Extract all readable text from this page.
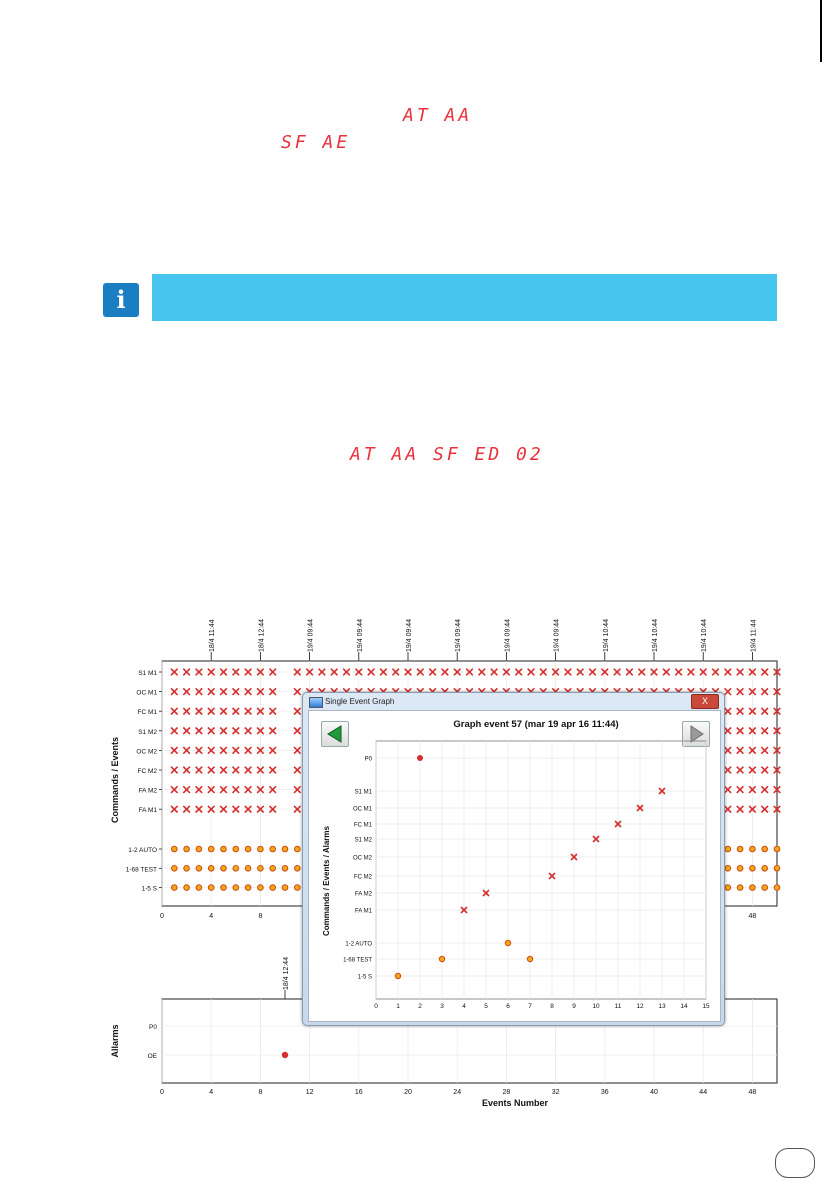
AT AA
SF AE
AT AA SF ED 02
i
18/4 11:44	18/4 12:44	19/4 09:44	19/4 09:44	19/4 09:44	19/4 09:44	19/4 09:44	19/4 09:44	19/4 10:44	19/4 10:44	19/4 10:44	19/4 11:44
0	4	8	48
S1 M1
OC M1
FC M1
S1 M2
OC M2
FC M2
FA M2
FA M1
1-2 AUTO
1-68 TEST
1-5 S
Commands / Events
0	4	8	12	16	20	24	28	32	36	40	44	48
P0
OE
18/4 12:44
Allarms
Events Number
Single Event Graph	X
Graph event 57 (mar 19 apr 16 11:44)
0	1	2	3	4	5	6	7	8	9	10 11 12 13 14 15
1-5 S
1-68 TEST
1-2 AUTO
FA M1
FA M2
FC M2
OC M2
S1 M2
FC M1
OC M1
S1 M1
P0
Commands / Events / Alarms
